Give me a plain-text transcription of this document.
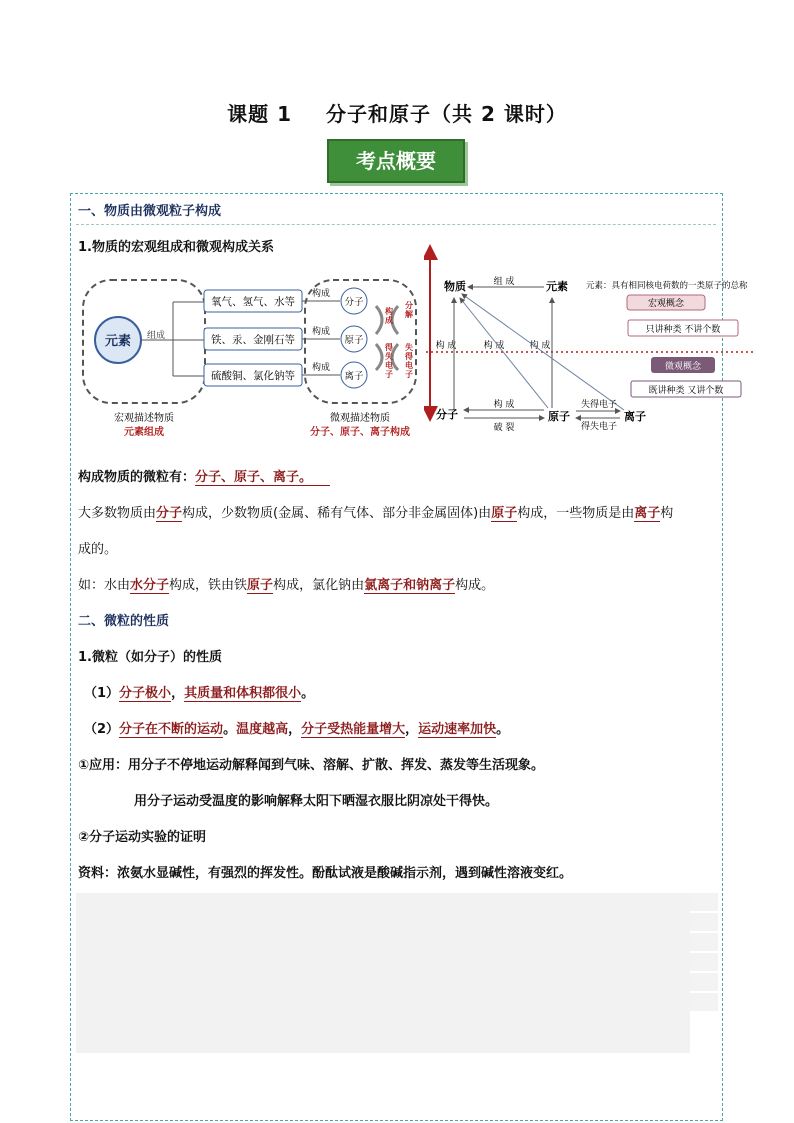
课题 1 分子和原子（共 2 课时）
考点概要
一、物质由微观粒子构成
1.物质的宏观组成和微观构成关系
元素 组成
氧气、氢气、水等
铁、汞、金刚石等
硫酸铜、氯化钠等
构成
构成
构成
分子
原子
离子
构成 分解 得失电子 失得电子
宏观描述物质
元素组成
微观描述物质
分子、原子、离子构成
物质	元素
组 成	元素：具有相同核电荷数的一类原子的总称
宏观概念
只讲种类 不讲个数
微观概念
既讲种类 又讲个数
构 成	构 成	构 成
分子	原子	离子
构 成
破 裂
失得电子
得失电子
构成物质的微粒有：分子、原子、离子。
大多数物质由分子构成，少数物质(金属、稀有气体、部分非金属固体)由原子构成，一些物质是由离子构
成的。
如：水由水分子构成，铁由铁原子构成，氯化钠由氯离子和钠离子构成。
二、微粒的性质
1.微粒（如分子）的性质
（1）分子极小，其质量和体积都很小。
（2）分子在不断的运动。温度越高，分子受热能量增大，运动速率加快。
①应用：用分子不停地运动解释闻到气味、溶解、扩散、挥发、蒸发等生活现象。
用分子运动受温度的影响解释太阳下晒湿衣服比阴凉处干得快。
②分子运动实验的证明
资料：浓氨水显碱性，有强烈的挥发性。酚酞试液是酸碱指示剂，遇到碱性溶液变红。
